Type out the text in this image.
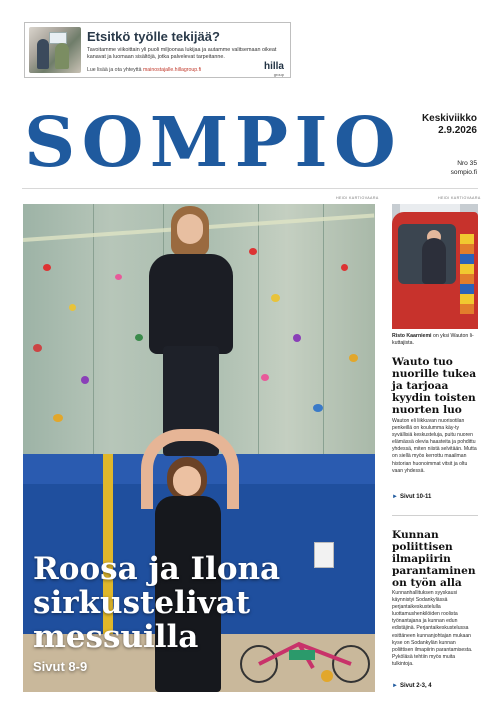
Etsitkö työlle tekijää?
Tavoitamme viikoittain yli puoli miljoonaa lukijaa ja autamme valitsemaan oikeat kanavat ja luomaan sisältöjä, jotka palvelevat tarpeitanne.
Lue lisää ja ota yhteyttä mainostajalle.hillagroup.fi	hilla
group
SOMPIO Keskiviikko
2.9.2026
Nro 35
sompio.fi
HEIDI KARTIOVAARA	HEIDI KARTIOVAARA
Roosa ja Ilona
sirkustelivat
messuilla
Sivut 8-9
Risto Kaarniemi on yksi Wauton li-kuttajista.
Wauto tuo nuorille tukea ja tarjoaa kyydin toisten nuorten luo
Wauton eli liikkuvan nuorisotilan penkeillä on koulumma käy-ty syvällisiä keskusteluja, puitu nuoren elämässä olevia haasteita ja pohdittu yhdessä, miten niistä selvitään. Mutta on siellä myös kerrottu maailman historian huonoimmat vitsit ja oltu vaan yhdessä.
► Sivut 10-11
Kunnan poliittisen ilmapiirin parantaminen on työn alla
Kunnanhallituksen syyskausi käynnistyi Sodankylässä perjantaikeskustelulla luottamushenkilöiden roolista työnantajana ja kunnan edun edistäjinä. Perjantaikeskustelussa esittäneen kunnanjohtajan mukaan kyse on Sodankylän kunnan poliittisen ilmapiirin parantamisesta. Pyköläsä tehtiin myös muita tulkintoja.
► Sivut 2-3, 4
